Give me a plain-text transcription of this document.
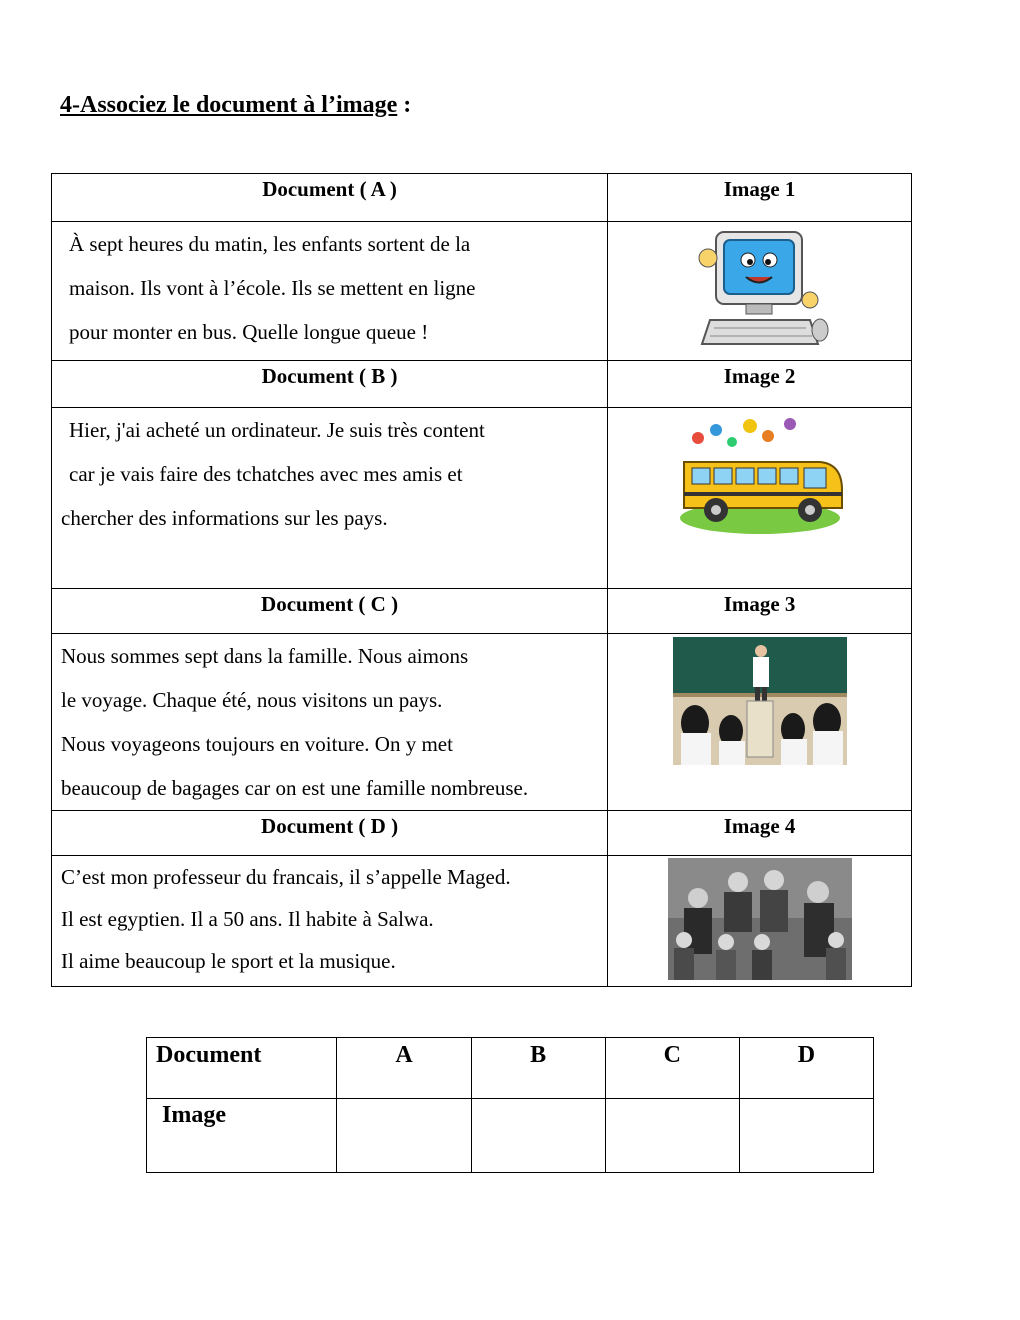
4-Associez le document à l’image :
Document ( A )	Image 1

À sept heures du matin, les enfants sortent de la
maison. Ils vont à l’école. Ils se mettent en ligne
pour monter en bus. Quelle longue queue !

Document ( B )	Image 2

Hier, j'ai acheté un ordinateur. Je suis très content
car je vais faire des tchatches avec mes amis et
chercher des informations sur les pays.

Document ( C )	Image 3

Nous sommes sept dans la famille. Nous aimons
le voyage. Chaque été, nous visitons un pays.
Nous voyageons toujours en voiture. On y met
beaucoup de bagages car on est une famille nombreuse.

Document ( D )	Image 4

C’est mon professeur du francais, il s’appelle Maged.
Il est egyptien. Il a 50 ans. Il habite à Salwa.
Il aime beaucoup le sport et la musique.

Document	A	B	C	D
Image				
